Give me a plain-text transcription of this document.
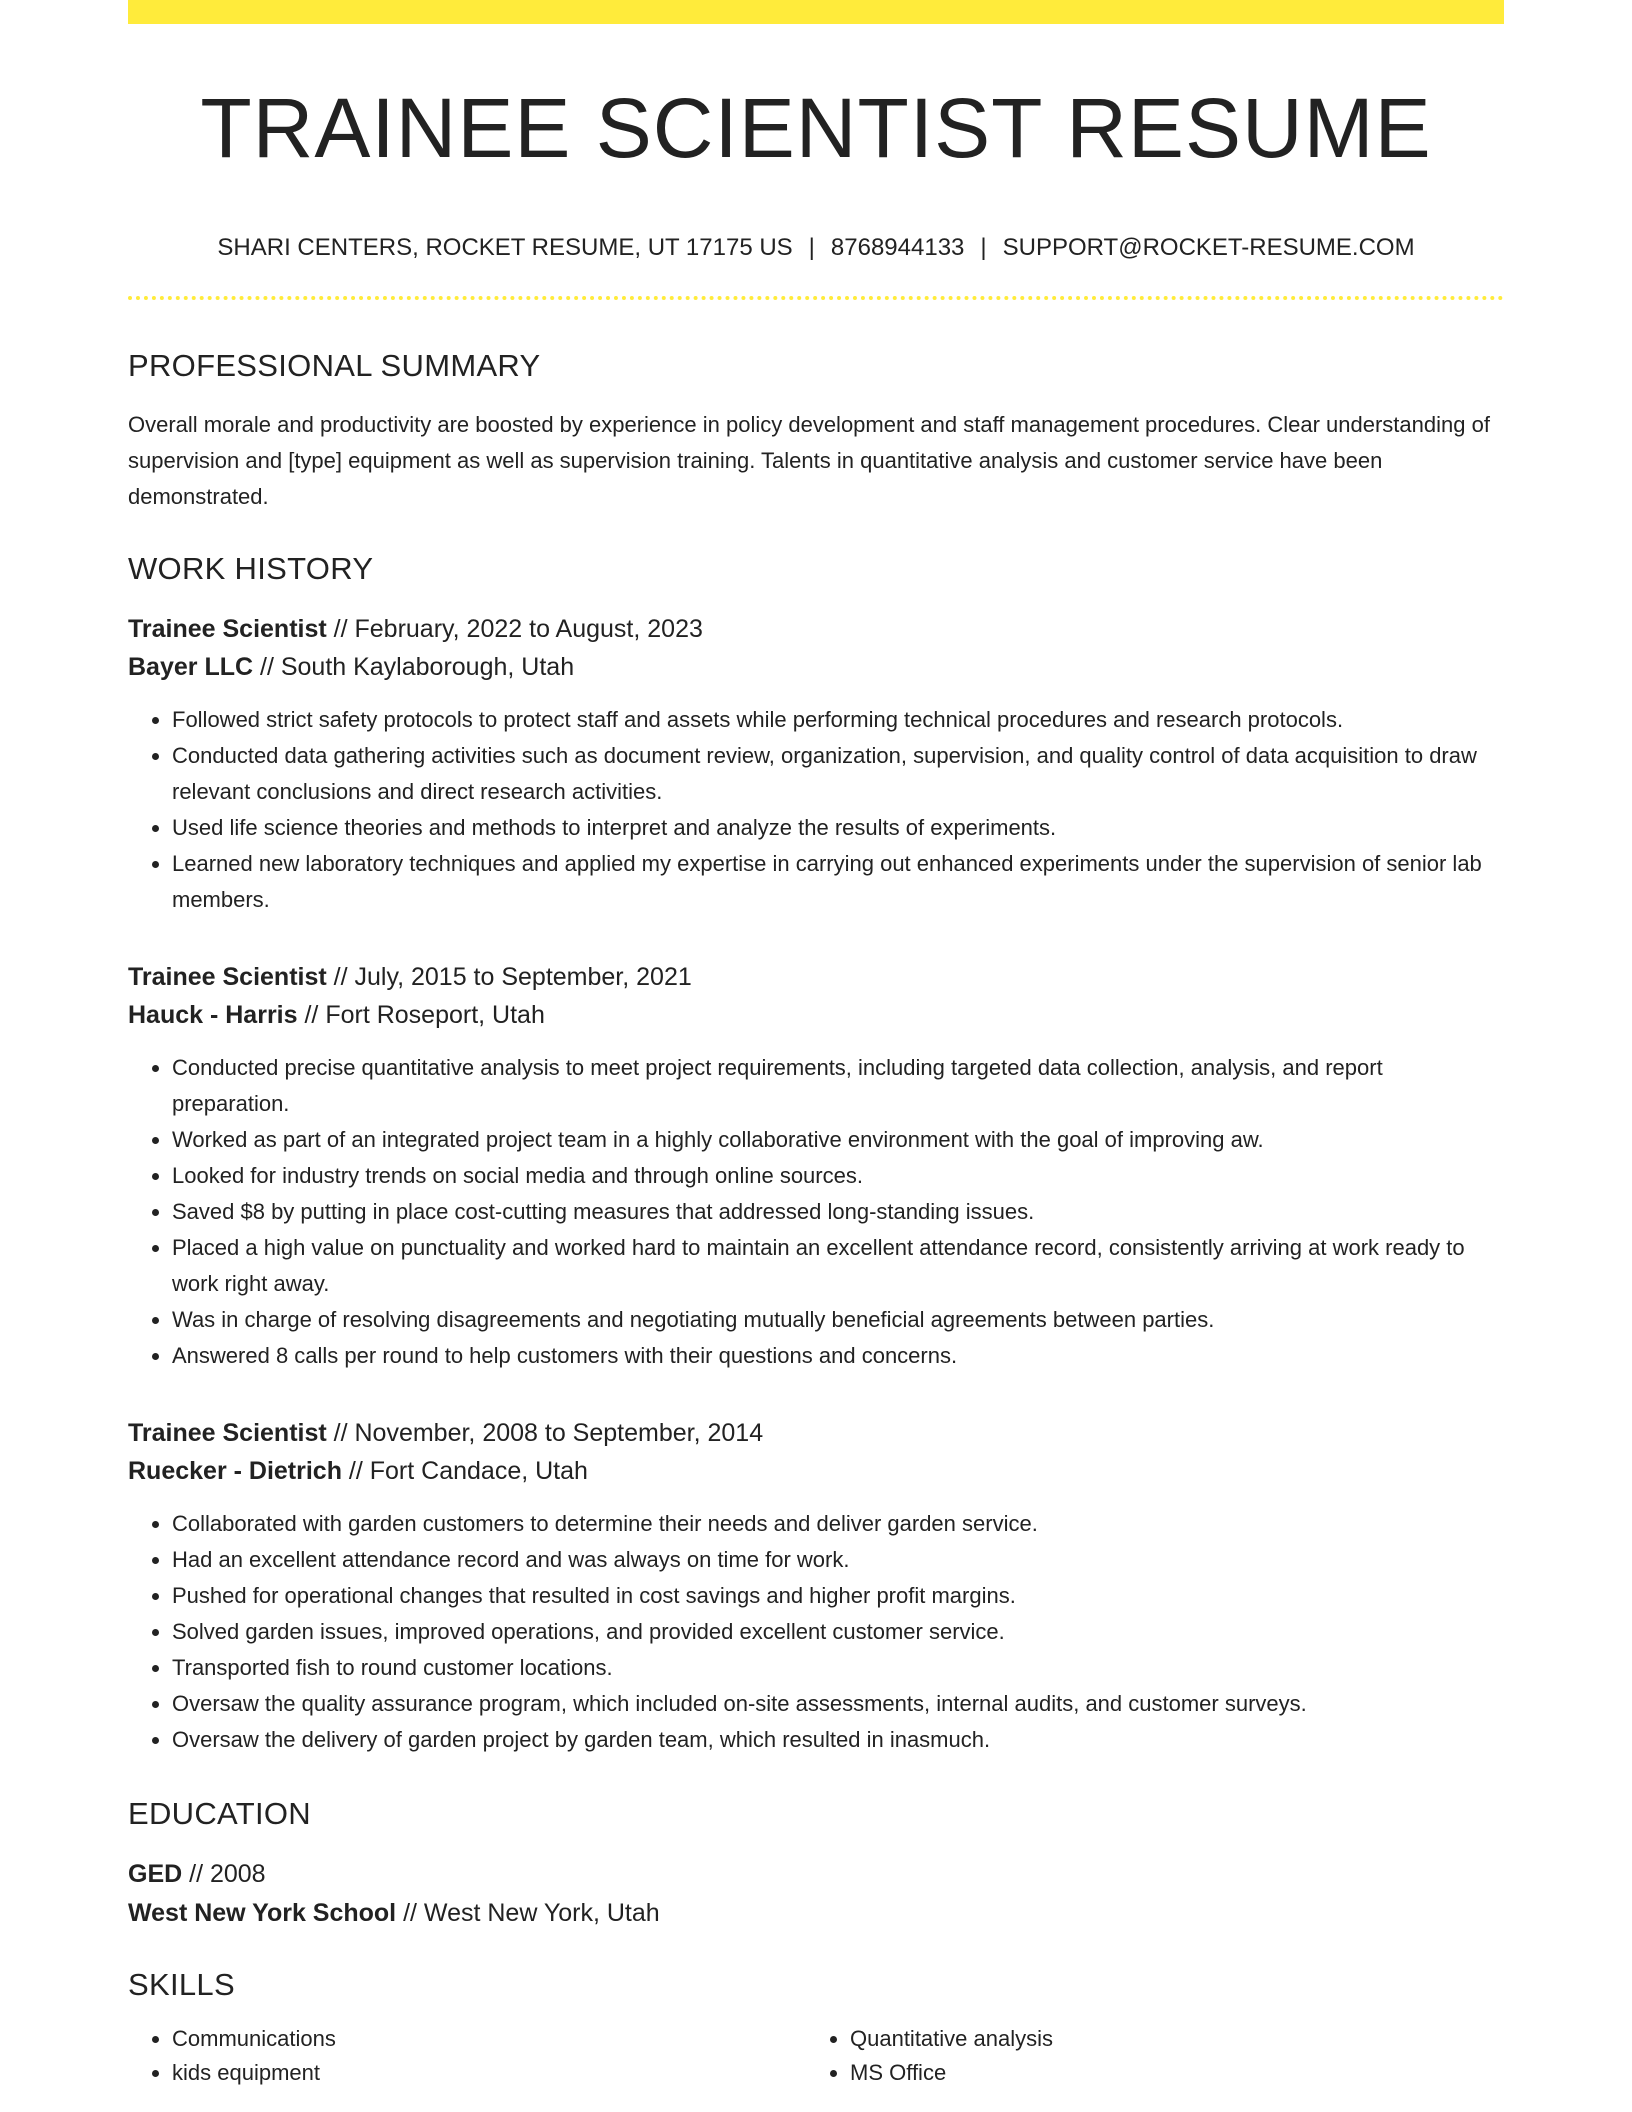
TRAINEE SCIENTIST RESUME
SHARI CENTERS, ROCKET RESUME, UT 17175 US | 8768944133 | SUPPORT@ROCKET-RESUME.COM
PROFESSIONAL SUMMARY
Overall morale and productivity are boosted by experience in policy development and staff management procedures. Clear understanding of supervision and [type] equipment as well as supervision training. Talents in quantitative analysis and customer service have been demonstrated.
WORK HISTORY
Trainee Scientist // February, 2022 to August, 2023
Bayer LLC // South Kaylaborough, Utah
• Followed strict safety protocols to protect staff and assets while performing technical procedures and research protocols.
• Conducted data gathering activities such as document review, organization, supervision, and quality control of data acquisition to draw relevant conclusions and direct research activities.
• Used life science theories and methods to interpret and analyze the results of experiments.
• Learned new laboratory techniques and applied my expertise in carrying out enhanced experiments under the supervision of senior lab members.
Trainee Scientist // July, 2015 to September, 2021
Hauck - Harris // Fort Roseport, Utah
• Conducted precise quantitative analysis to meet project requirements, including targeted data collection, analysis, and report preparation.
• Worked as part of an integrated project team in a highly collaborative environment with the goal of improving aw.
• Looked for industry trends on social media and through online sources.
• Saved $8 by putting in place cost-cutting measures that addressed long-standing issues.
• Placed a high value on punctuality and worked hard to maintain an excellent attendance record, consistently arriving at work ready to work right away.
• Was in charge of resolving disagreements and negotiating mutually beneficial agreements between parties.
• Answered 8 calls per round to help customers with their questions and concerns.
Trainee Scientist // November, 2008 to September, 2014
Ruecker - Dietrich // Fort Candace, Utah
• Collaborated with garden customers to determine their needs and deliver garden service.
• Had an excellent attendance record and was always on time for work.
• Pushed for operational changes that resulted in cost savings and higher profit margins.
• Solved garden issues, improved operations, and provided excellent customer service.
• Transported fish to round customer locations.
• Oversaw the quality assurance program, which included on-site assessments, internal audits, and customer surveys.
• Oversaw the delivery of garden project by garden team, which resulted in inasmuch.
EDUCATION
GED // 2008
West New York School // West New York, Utah
SKILLS
• Communications
• kids equipment
• Quantitative analysis
• MS Office
